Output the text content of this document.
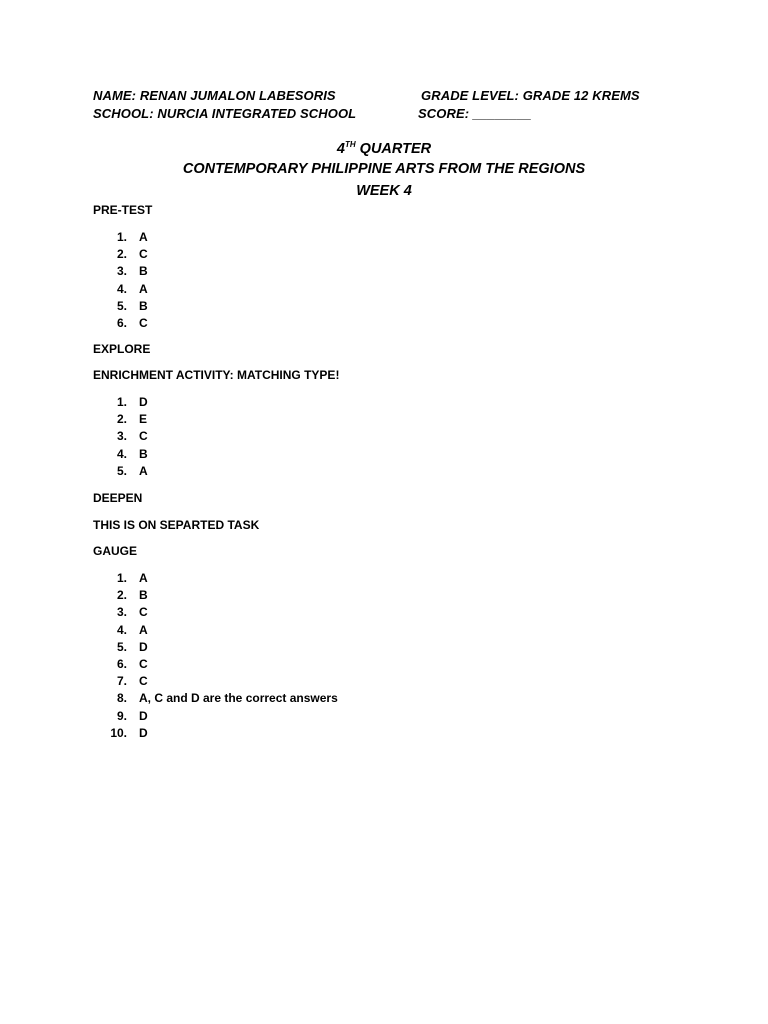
NAME: RENAN JUMALON LABESORIS	GRADE LEVEL: GRADE 12 KREMS
SCHOOL: NURCIA INTEGRATED SCHOOL	SCORE: ________
4TH QUARTER
CONTEMPORARY PHILIPPINE ARTS FROM THE REGIONS
WEEK 4
PRE-TEST
1. A
2. C
3. B
4. A
5. B
6. C
EXPLORE
ENRICHMENT ACTIVITY: MATCHING TYPE!
1. D
2. E
3. C
4. B
5. A
DEEPEN
THIS IS ON SEPARTED TASK
GAUGE
1. A
2. B
3. C
4. A
5. D
6. C
7. C
8. A, C and D are the correct answers
9. D
10. D
